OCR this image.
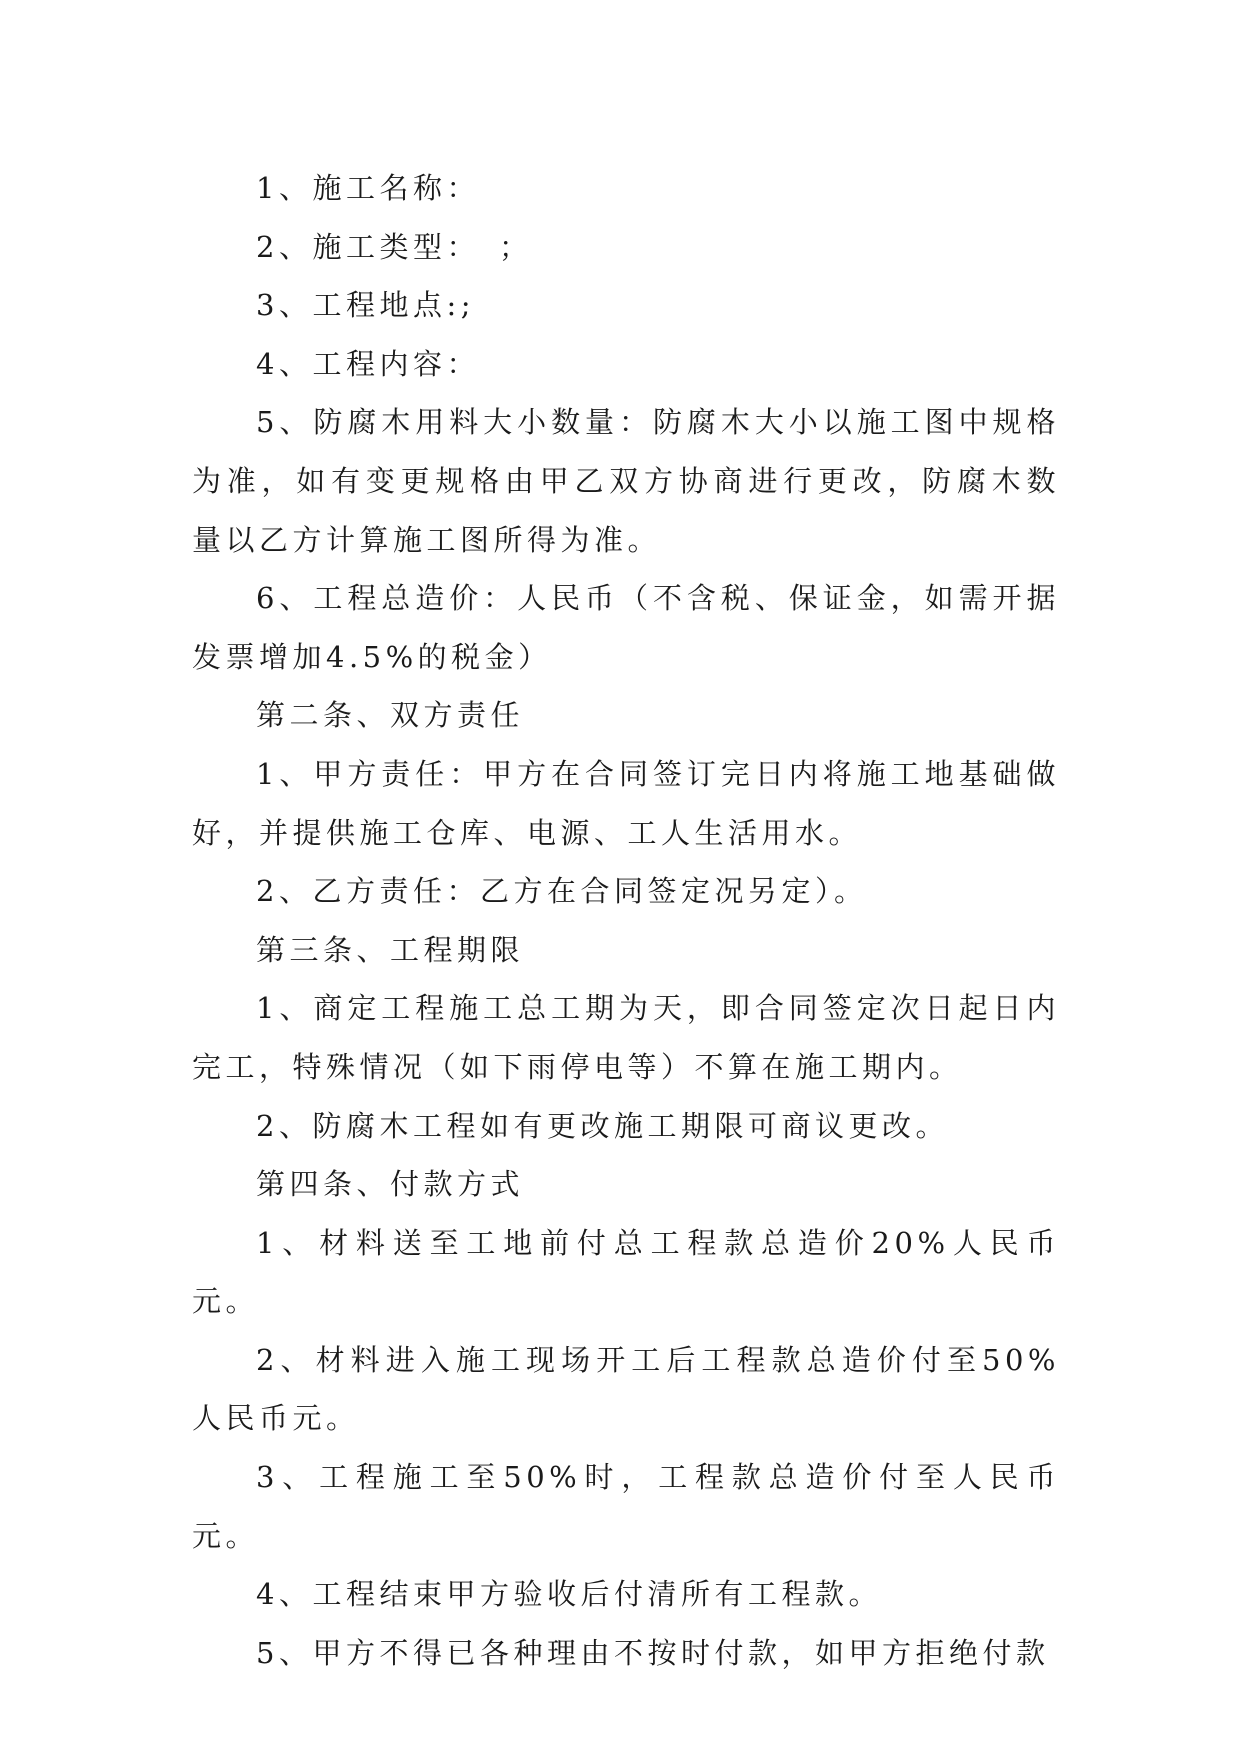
1、施工名称：

2、施工类型：　；

3、工程地点:;

4、工程内容：

5、防腐木用料大小数量：防腐木大小以施工图中规格为准，如有变更规格由甲乙双方协商进行更改，防腐木数量以乙方计算施工图所得为准。

6、工程总造价：人民币（不含税、保证金，如需开据发票增加4.5%的税金）

第二条、双方责任

1、甲方责任：甲方在合同签订完日内将施工地基础做好，并提供施工仓库、电源、工人生活用水。

2、乙方责任：乙方在合同签定况另定）。

第三条、工程期限

1、商定工程施工总工期为天，即合同签定次日起日内完工，特殊情况（如下雨停电等）不算在施工期内。

2、防腐木工程如有更改施工期限可商议更改。

第四条、付款方式

1、材料送至工地前付总工程款总造价20%人民币　元。

2、材料进入施工现场开工后工程款总造价付至50%人民币元。

3、工程施工至50%时，工程款总造价付至人民币元。

4、工程结束甲方验收后付清所有工程款。

5、甲方不得已各种理由不按时付款，如甲方拒绝付款
